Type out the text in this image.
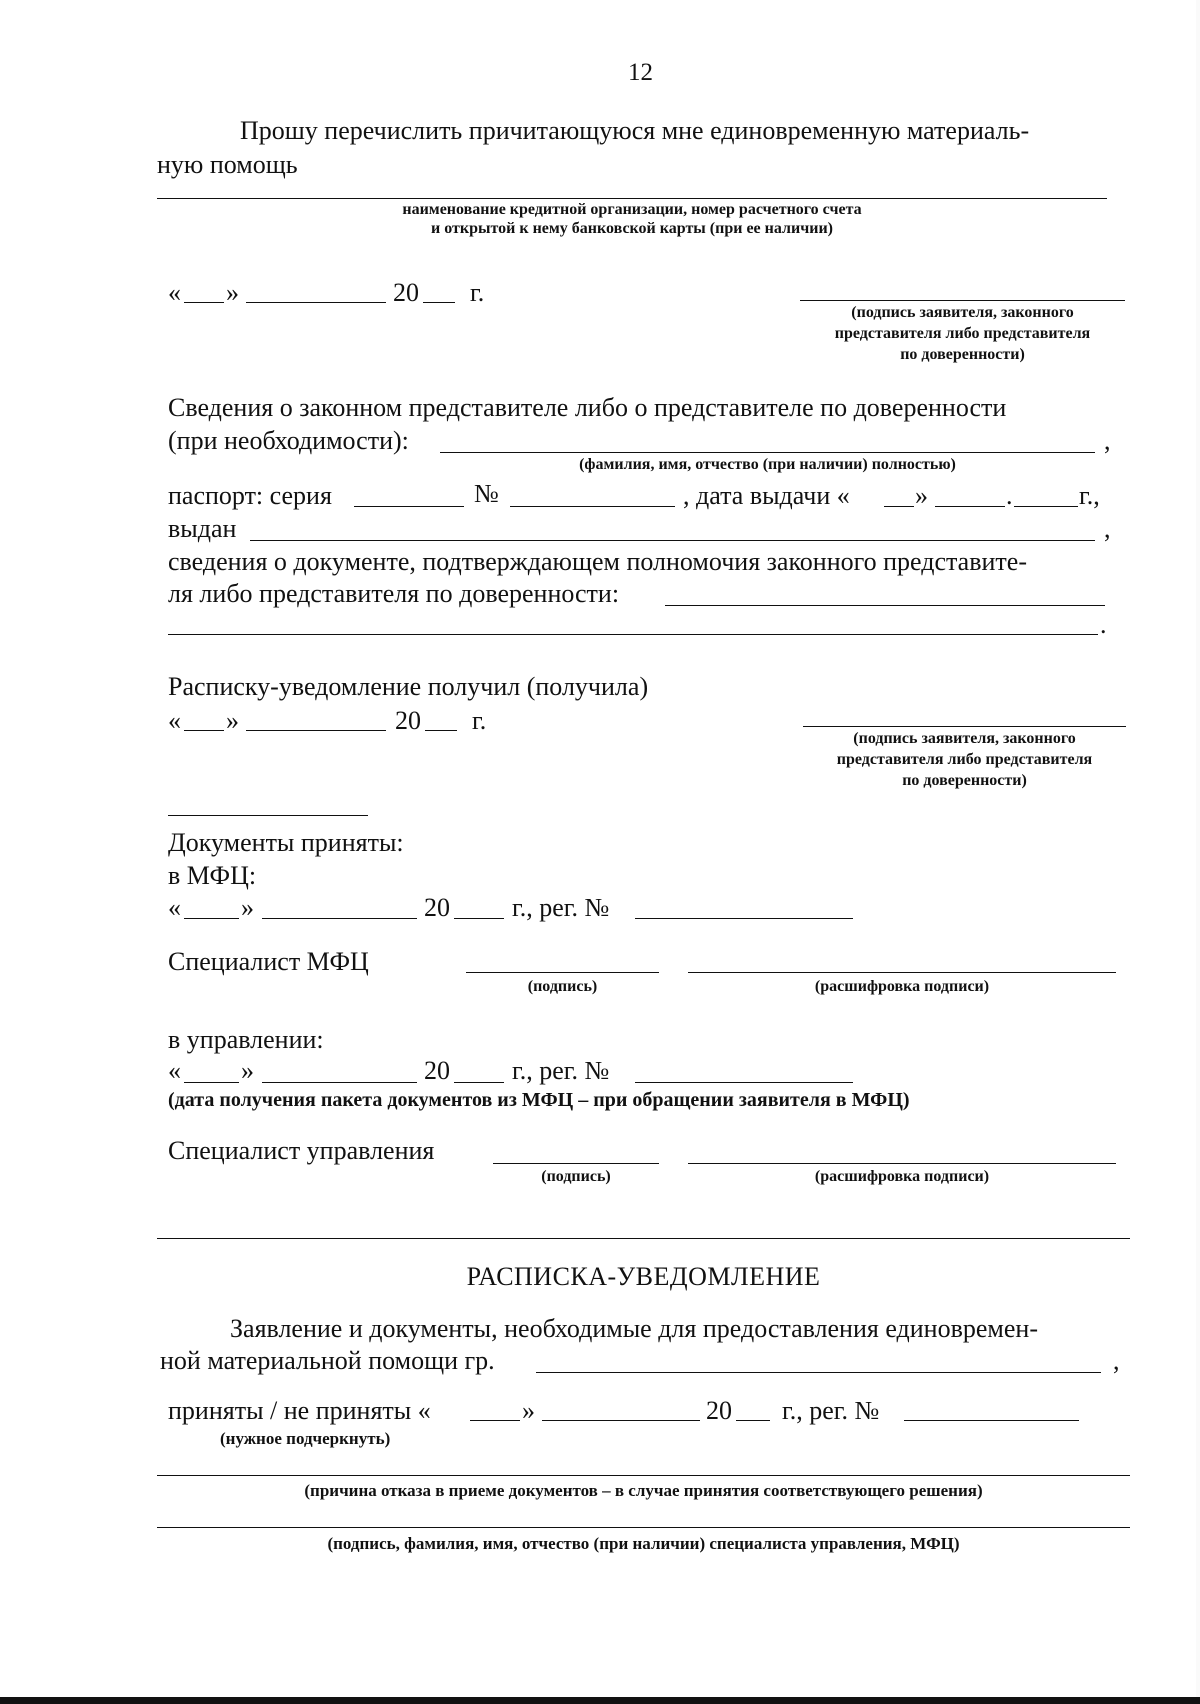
12
Прошу перечислить причитающуюся мне единовременную материаль-
ную помощь
наименование кредитной организации, номер расчетного счета
и открытой к нему банковской карты (при ее наличии)
« »	20 г.
(подпись заявителя, законного
представителя либо представителя
по доверенности)
Сведения о законном представителе либо о представителе по доверенности
(при необходимости):	,
(фамилия, имя, отчество (при наличии) полностью)
паспорт: серия	№	, дата выдачи «	»	.	г.,
выдан	,
сведения о документе, подтверждающем полномочия законного представите-
ля либо представителя по доверенности:
.
Расписку-уведомление получил (получила)
« »	20 г.
(подпись заявителя, законного
представителя либо представителя
по доверенности)
Документы приняты:
в МФЦ:
« »	20 г., рег. №
Специалист МФЦ
(подпись)	(расшифровка подписи)
в управлении:
« »	20 г., рег. №
(дата получения пакета документов из МФЦ – при обращении заявителя в МФЦ)
Специалист управления
(подпись)	(расшифровка подписи)
РАСПИСКА-УВЕДОМЛЕНИЕ
Заявление и документы, необходимые для предоставления единовремен-
ной материальной помощи гр.	,
приняты / не приняты «	»	20 г., рег. №
(нужное подчеркнуть)
(причина отказа в приеме документов – в случае принятия соответствующего решения)
(подпись, фамилия, имя, отчество (при наличии) специалиста управления, МФЦ)
